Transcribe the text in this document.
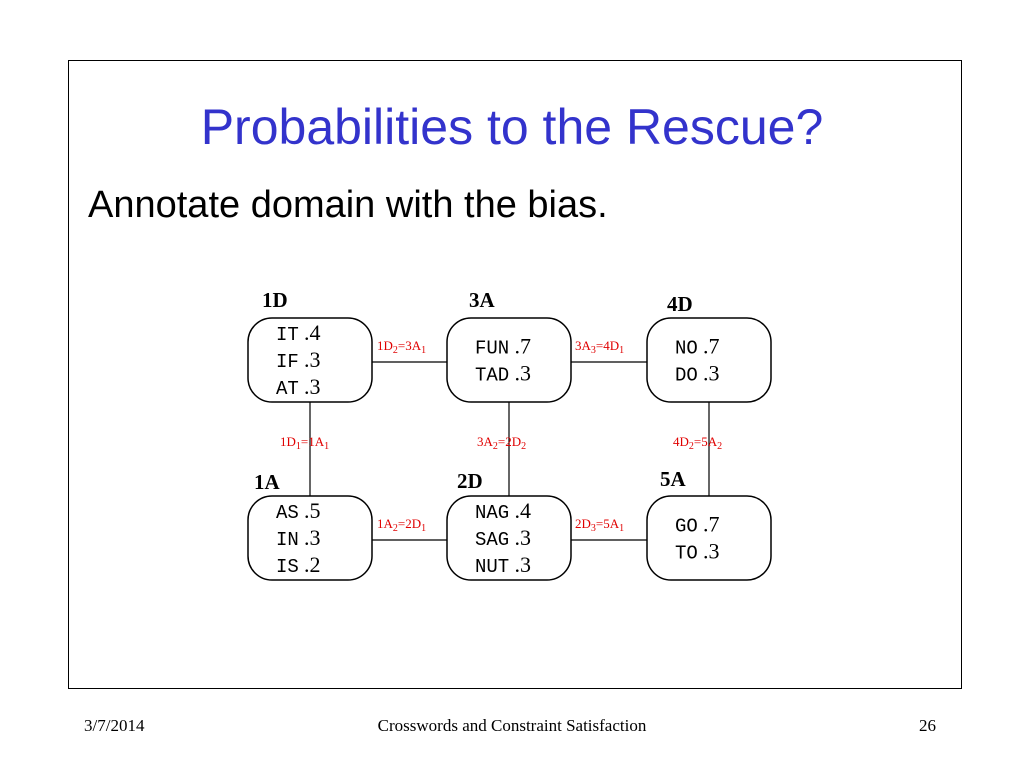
Probabilities to the Rescue?
Annotate domain with the bias.
1D
IT .4
IF .3
AT .3
3A
FUN .7
TAD .3
4D
NO .7
DO .3
1A
AS .5
IN .3
IS .2
2D
NAG .4
SAG .3
NUT .3
5A
GO .7
TO .3
$1D_2=3A_1$	$3A_3=4D_1$
$1D_1=1A_1$	$3A_2=2D_2$	$4D_2=5A_2$
$1A_2=2D_1$	$2D_3=5A_1$
3/7/2014	Crosswords and Constraint Satisfaction	26
